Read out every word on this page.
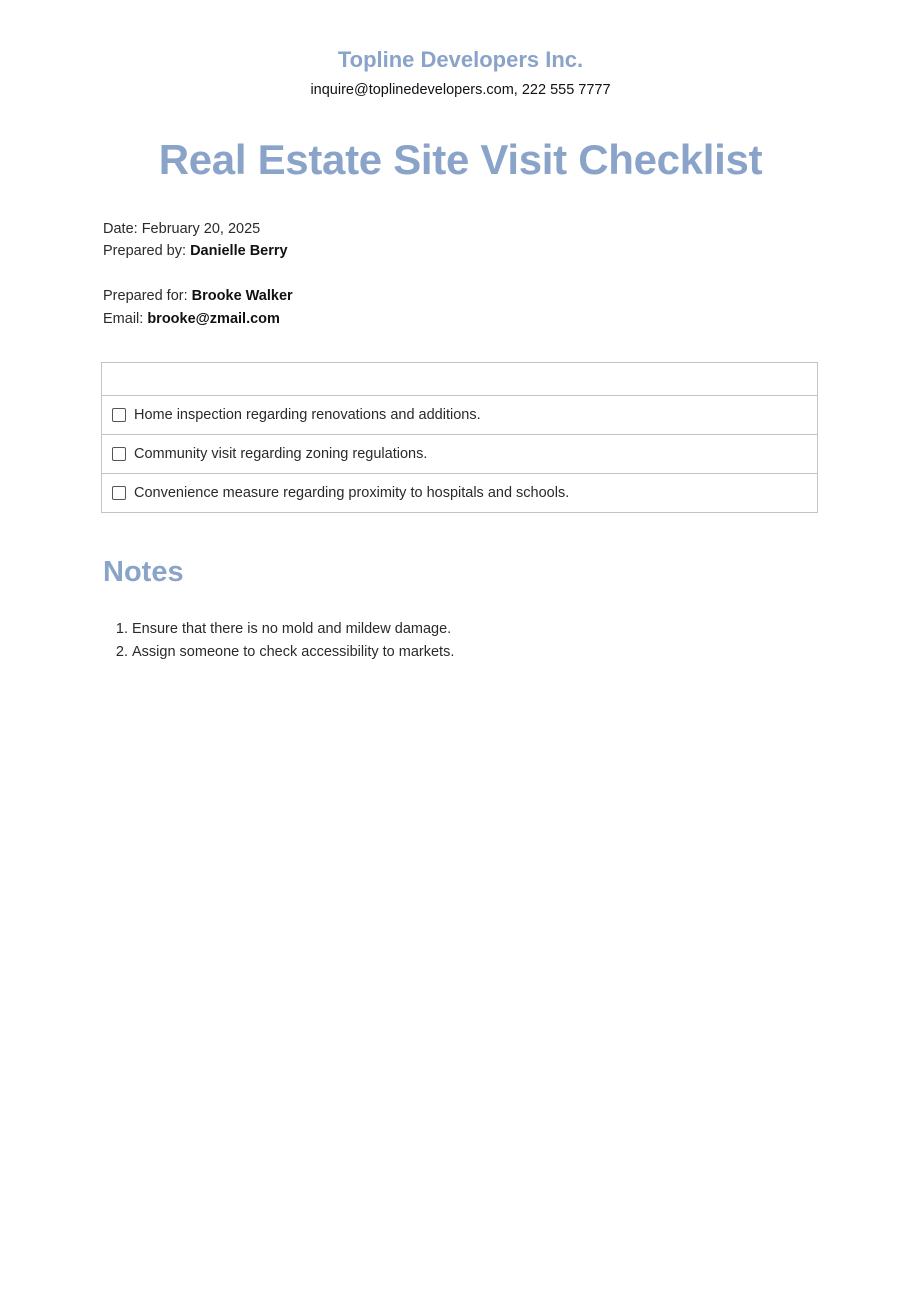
Topline Developers Inc.
inquire@toplinedevelopers.com, 222 555 7777
Real Estate Site Visit Checklist
Date: February 20, 2025
Prepared by: Danielle Berry
Prepared for: Brooke Walker
Email: brooke@zmail.com
Home inspection regarding renovations and additions.
Community visit regarding zoning regulations.
Convenience measure regarding proximity to hospitals and schools.
Notes
1 . Ensure that there is no mold and mildew damage.
2 . Assign someone to check accessibility to markets.
